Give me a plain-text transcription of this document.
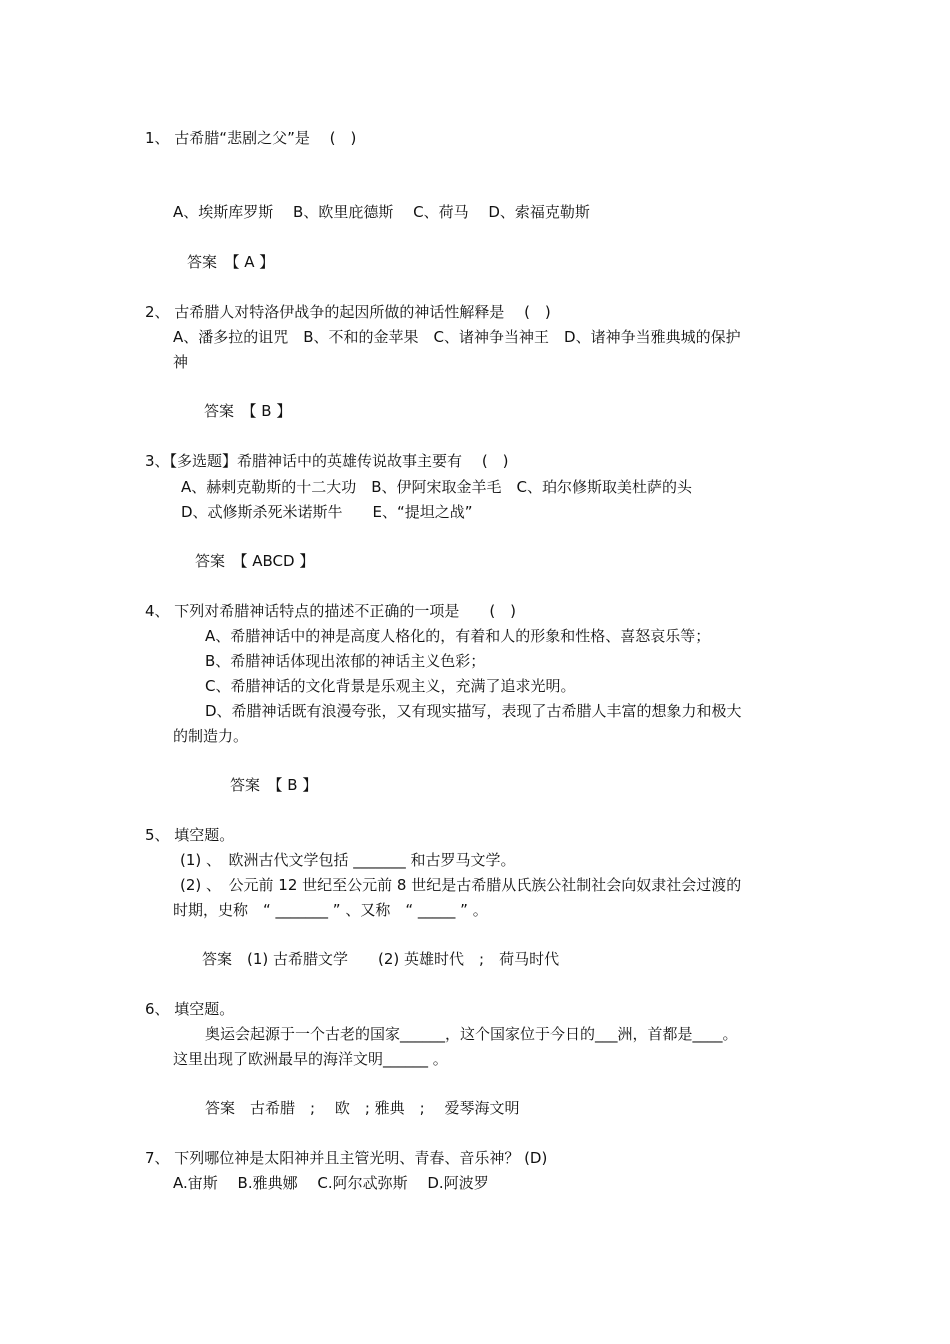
1、 古希腊“悲剧之父”是　 (　)
A、埃斯库罗斯　 B、欧里庇德斯　 C、荷马　 D、索福克勒斯
答案　【 A 】
2、 古希腊人对特洛伊战争的起因所做的神话性解释是　 (　)
A、潘多拉的诅咒　B、不和的金苹果　C、诸神争当神王　D、诸神争当雅典城的保护
神
答案　【 B 】
3、【多选题】希腊神话中的英雄传说故事主要有　 (　)
A、赫剌克勒斯的十二大功　B、伊阿宋取金羊毛　C、珀尔修斯取美杜萨的头
D、忒修斯杀死米诺斯牛　　E、“提坦之战”
答案　【 ABCD 】
4、 下列对希腊神话特点的描述不正确的一项是　　(　)
A、希腊神话中的神是高度人格化的，有着和人的形象和性格、喜怒哀乐等；
B、希腊神话体现出浓郁的神话主义色彩；
C、希腊神话的文化背景是乐观主义，充满了追求光明。
D、希腊神话既有浪漫夸张，又有现实描写，表现了古希腊人丰富的想象力和极大
的制造力。
答案　【 B 】
5、 填空题。
(1) 、　欧洲古代文学包括 _______ 和古罗马文学。
(2) 、　公元前 12 世纪至公元前 8 世纪是古希腊从氏族公社制社会向奴隶社会过渡的
时期，史称　“ _______ ” 、又称　“ _____ ” 。
答案　(1) 古希腊文学　　(2) 英雄时代　;　荷马时代
6、 填空题。
奥运会起源于一个古老的国家______，这个国家位于今日的___洲，首都是____。
这里出现了欧洲最早的海洋文明______ 。
答案　古希腊　;　 欧　; 雅典　;　 爱琴海文明
7、 下列哪位神是太阳神并且主管光明、青春、音乐神？ (D)
A.宙斯　 B.雅典娜　 C.阿尔忒弥斯　 D.阿波罗
